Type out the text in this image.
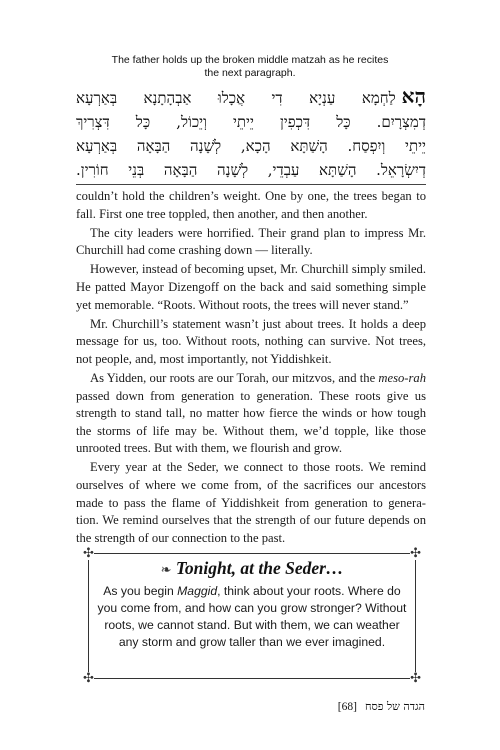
The father holds up the broken middle matzah as he recites
the next paragraph.
הָאלַחְמָא עַנְיָא דִי אֲכָלוּ אַבְהָתָנָא בְּאַרְעָא
דְמִצְרָיִם. כָּל דִּכְפִין יֵיתֵי וְיֵכוֹל, כָּל דִּצְרִיךְ
יֵיתֵי וְיִפְסַח. הָשַׁתָּא הָכָא, לְשָׁנָה הַבָּאָה בְּאַרְעָא
דְיִשְׂרָאֵל. הָשַׁתָּא עַבְדֵי, לְשָׁנָה הַבָּאָה בְּנֵי חוֹרִין.

couldn’t hold the children’s weight. One by one, the trees began to fall. First one tree toppled, then another, and then another.

The city leaders were horrified. Their grand plan to impress Mr. Churchill had come crashing down — literally.

However, instead of becoming upset, Mr. Churchill simply smiled. He patted Mayor Dizengoff on the back and said something simple yet memorable. “Roots. Without roots, the trees will never stand.”

Mr. Churchill’s statement wasn’t just about trees. It holds a deep message for us, too. Without roots, nothing can survive. Not trees, not people, and, most importantly, not Yiddishkeit.

As Yidden, our roots are our Torah, our mitzvos, and the meso-rah passed down from generation to generation. These roots give us strength to stand tall, no matter how fierce the winds or how tough the storms of life may be. Without them, we’d topple, like those unrooted trees. But with them, we flourish and grow.

Every year at the Seder, we connect to those roots. We remind ourselves of where we come from, of the sacrifices our ancestors made to pass the flame of Yiddishkeit from generation to genera-tion. We remind ourselves that the strength of our future depends on the strength of our connection to the past.

✣	✣
✣	✣
❧ Tonight, at the Seder…
As you begin Maggid, think about your roots. Where do you come from, and how can you grow stronger? Without roots, we cannot stand. But with them, we can weather any storm and grow taller than we ever imagined.
הגדה של פסח[68]
